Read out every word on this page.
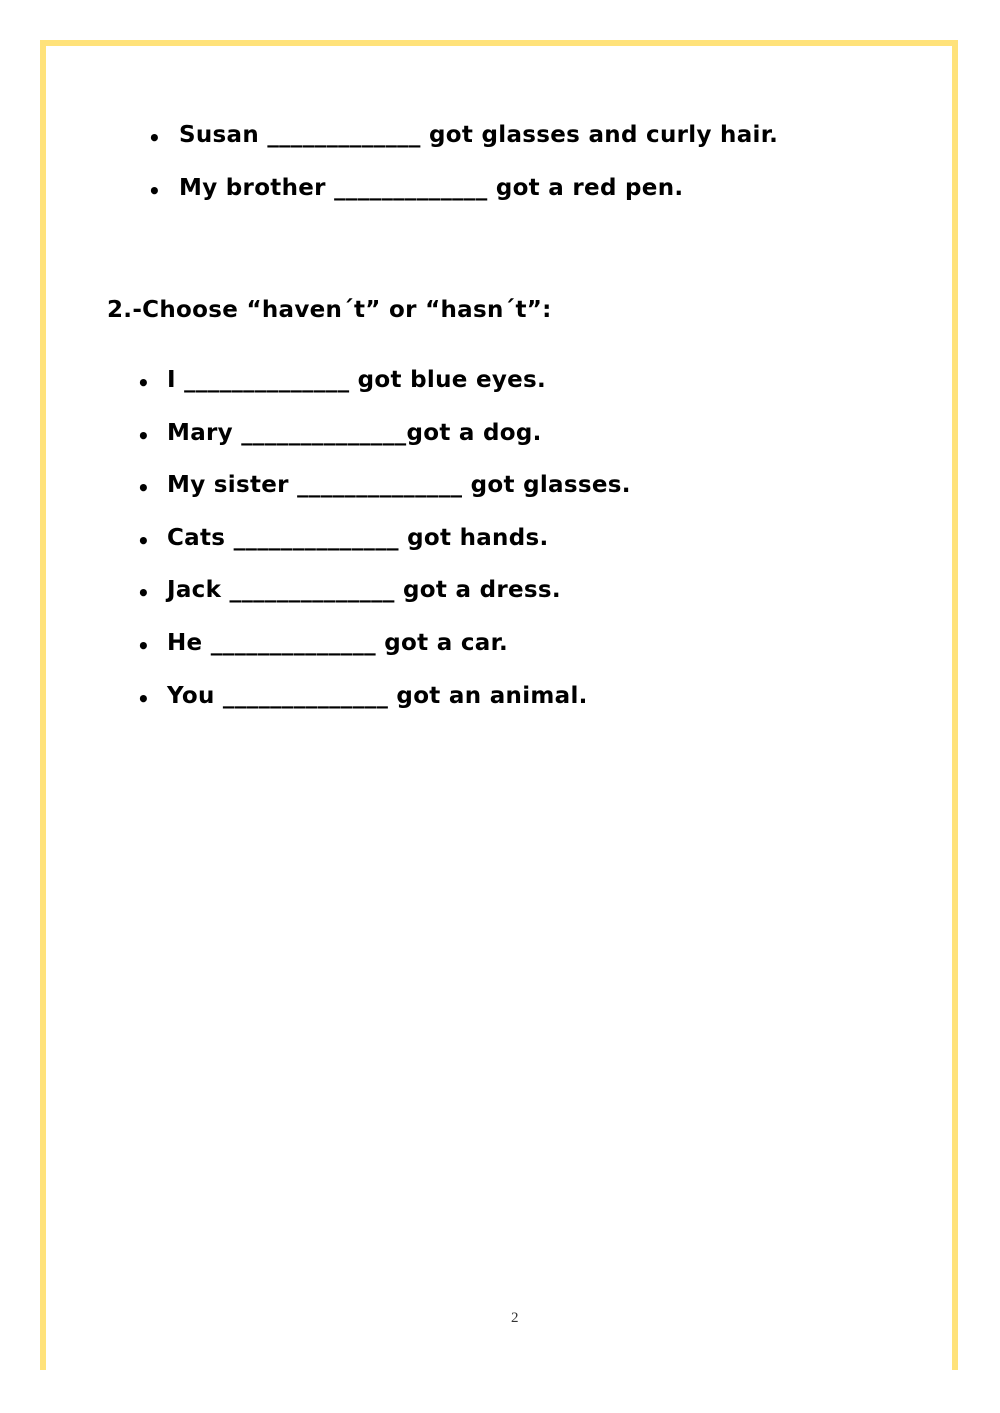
• Susan _____________ got glasses and curly hair.
• My brother _____________ got a red pen.
2.-Choose “haven´t” or “hasn´t”:
• I ______________ got blue eyes.
• Mary ______________got a dog.
• My sister ______________ got glasses.
• Cats ______________ got hands.
• Jack ______________ got a dress.
• He ______________ got a car.
• You ______________ got an animal.
2
